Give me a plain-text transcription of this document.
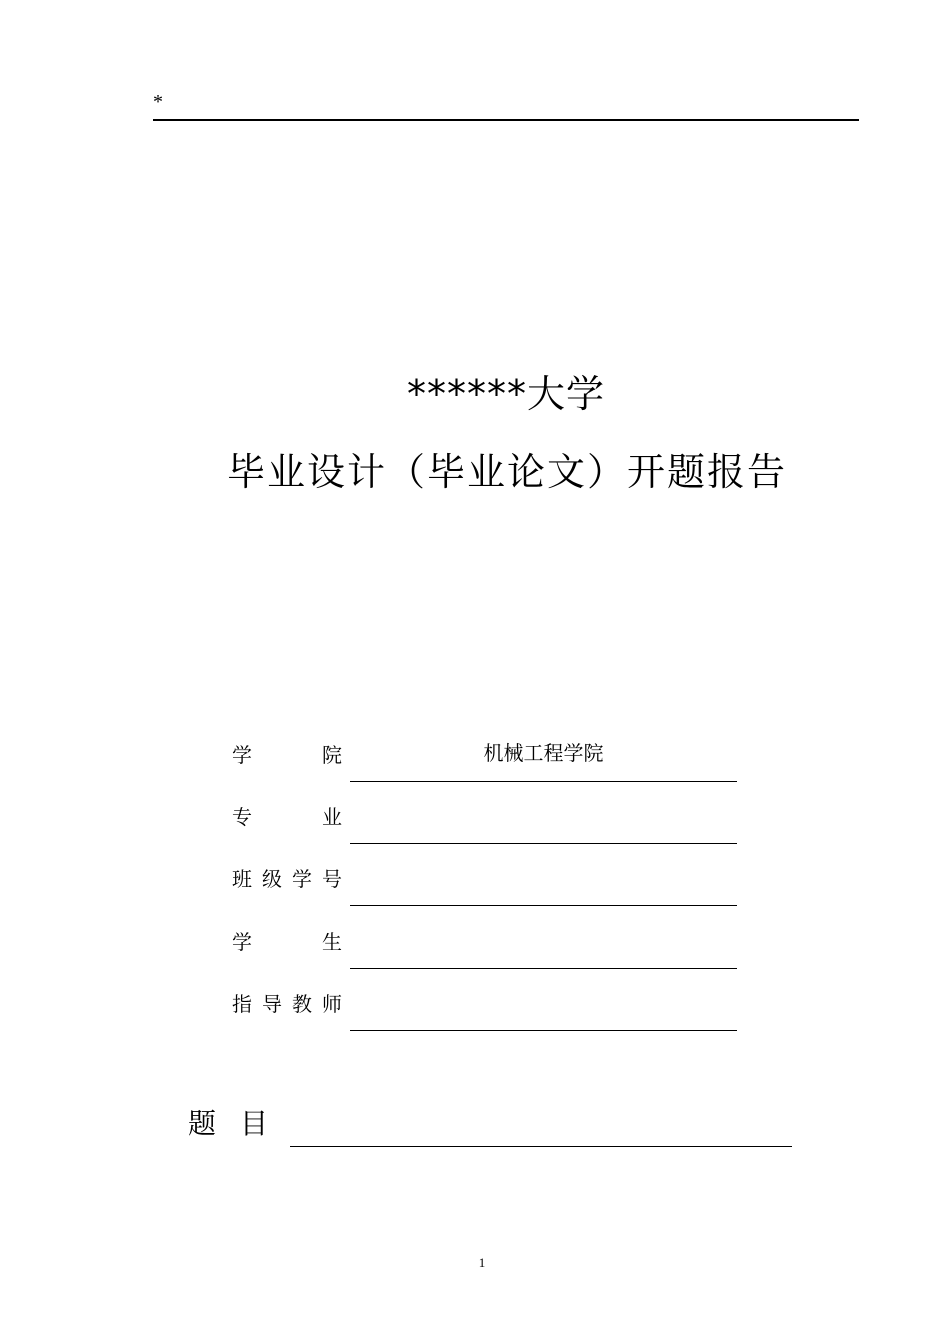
*
******大学
毕业设计（毕业论文）开题报告
学	院	机械工程学院
专	业
班 级 学 号
学	生
指 导 教 师
题目
1
